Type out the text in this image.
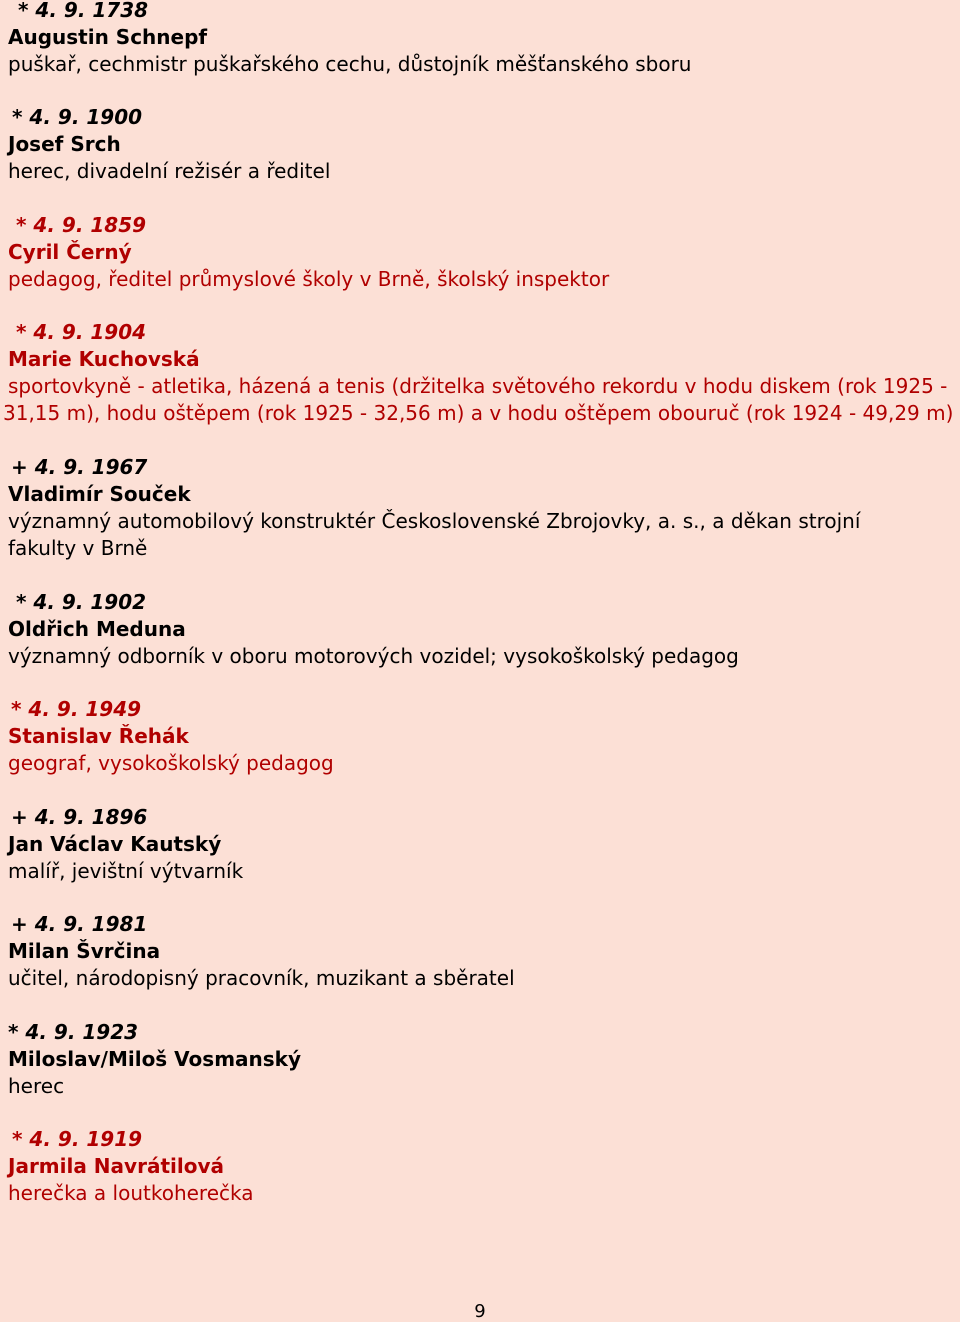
* 4. 9. 1738
Augustin Schnepf
puškař, cechmistr puškařského cechu, důstojník měšťanského sboru
* 4. 9. 1900
Josef Srch
herec, divadelní režisér a ředitel
* 4. 9. 1859
Cyril Černý
pedagog, ředitel průmyslové školy v Brně, školský inspektor
* 4. 9. 1904
Marie Kuchovská
sportovkyně - atletika, házená a tenis (držitelka světového rekordu v hodu diskem (rok 1925 - 31,15 m), hodu oštěpem (rok 1925 - 32,56 m) a v hodu oštěpem obouruč (rok 1924 - 49,29 m)
+ 4. 9. 1967
Vladimír Souček
významný automobilový konstruktér Československé Zbrojovky, a. s., a děkan strojní fakulty v Brně
* 4. 9. 1902
Oldřich Meduna
významný odborník v oboru motorových vozidel; vysokoškolský pedagog
* 4. 9. 1949
Stanislav Řehák
geograf, vysokoškolský pedagog
+ 4. 9. 1896
Jan Václav Kautský
malíř, jevištní výtvarník
+ 4. 9. 1981
Milan Švrčina
učitel, národopisný pracovník, muzikant a sběratel
* 4. 9. 1923
Miloslav/Miloš Vosmanský
herec
* 4. 9. 1919
Jarmila Navrátilová
herečka a loutkoherečka
9
